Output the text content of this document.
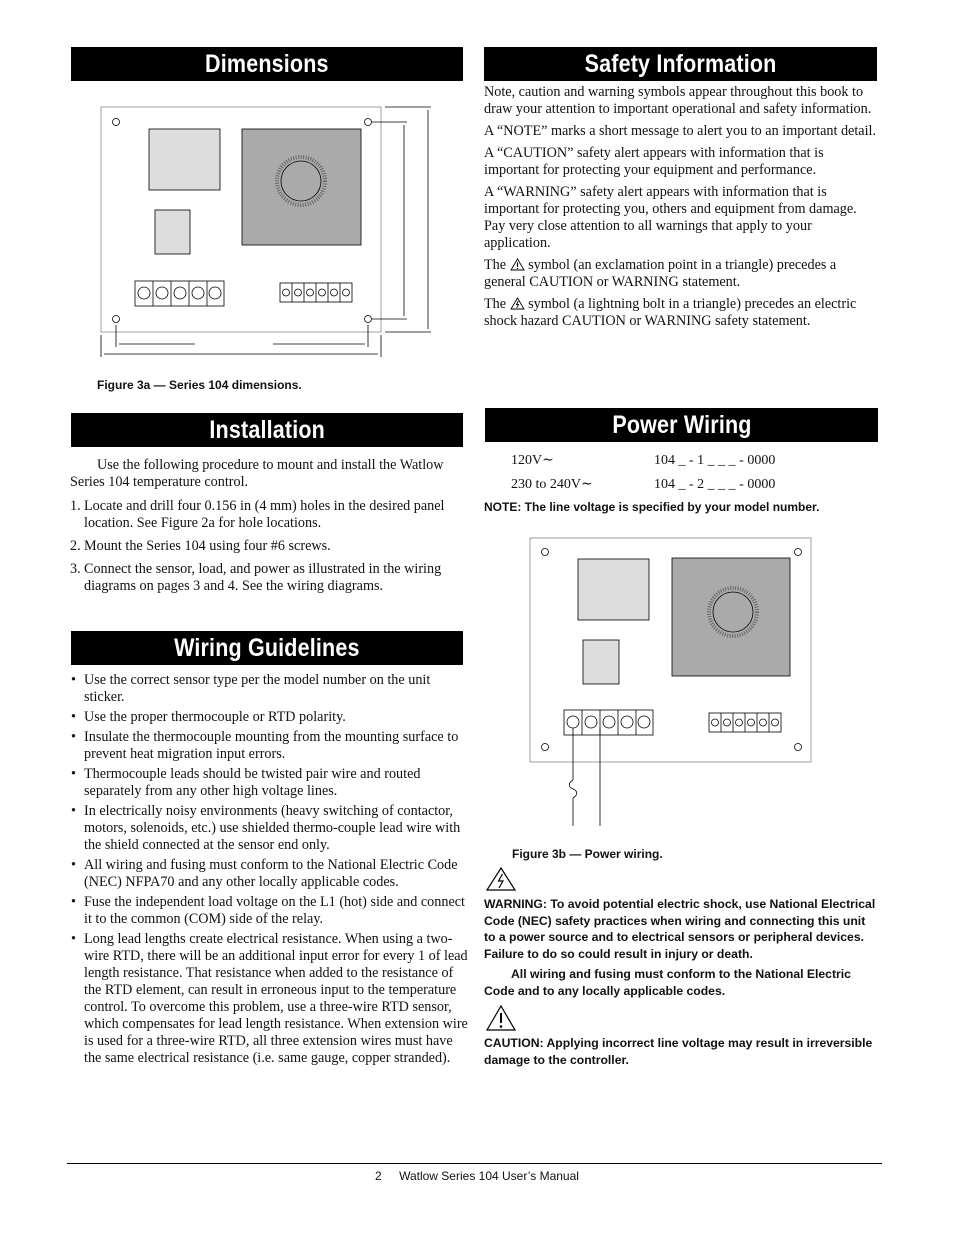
Dimensions	Safety Information
Installation	Power Wiring
Wiring Guidelines
Figure 3a — Series 104 dimensions.

Note, caution and warning symbols appear throughout this book to draw your attention to important operational and safety information.

A “NOTE” marks a short message to alert you to an important detail.

A “CAUTION” safety alert appears with information that is important for protecting your equipment and performance.

A “WARNING” safety alert appears with information that is important for protecting you, others and equipment from damage. Pay very close attention to all warnings that apply to your application.

The symbol (an exclamation point in a triangle) precedes a general CAUTION or WARNING statement.

The symbol (a lightning bolt in a triangle) precedes an electric shock hazard CAUTION or WARNING safety statement.

Use the following procedure to mount and install the Watlow Series 104 temperature control.

1. Locate and drill four 0.156 in (4 mm) holes in the desired panel location. See Figure 2a for hole locations.
2. Mount the Series 104 using four #6 screws.
3. Connect the sensor, load, and power as illustrated in the wiring diagrams on pages 3 and 4. See the wiring diagrams.
• Use the correct sensor type per the model number on the unit sticker.
• Use the proper thermocouple or RTD polarity.
• Insulate the thermocouple mounting from the mounting surface to prevent heat migration input errors.
• Thermocouple leads should be twisted pair wire and routed separately from any other high voltage lines.
• In electrically noisy environments (heavy switching of contactor, motors, solenoids, etc.) use shielded thermo-couple lead wire with the shield connected at the sensor end only.
• All wiring and fusing must conform to the National Electric Code (NEC) NFPA70 and any other locally applicable codes.
• Fuse the independent load voltage on the L1 (hot) side and connect it to the common (COM) side of the relay.
• Long lead lengths create electrical resistance. When using a two-wire RTD, there will be an additional input error for every 1 of lead length resistance. That resistance when added to the resistance of the RTD element, can result in erroneous input to the temperature control. To overcome this problem, use a three-wire RTD sensor, which compensates for lead length resistance. When extension wire is used for a three-wire RTD, all three extension wires must have the same electrical resistance (i.e. same gauge, copper stranded).
120V∼	104 _ - 1 _ _ _ - 0000
230 to 240V∼	104 _ - 2 _ _ _ - 0000
NOTE: The line voltage is specified by your model number.
Figure 3b — Power wiring.
WARNING: To avoid potential electric shock, use National Electrical Code (NEC) safety practices when wiring and connecting this unit to a power source and to electrical sensors or peripheral devices. Failure to do so could result in injury or death.
All wiring and fusing must conform to the National Electric Code and to any locally applicable codes.
CAUTION: Applying incorrect line voltage may result in irreversible damage to the controller.
2 Watlow Series 104 User’s Manual
